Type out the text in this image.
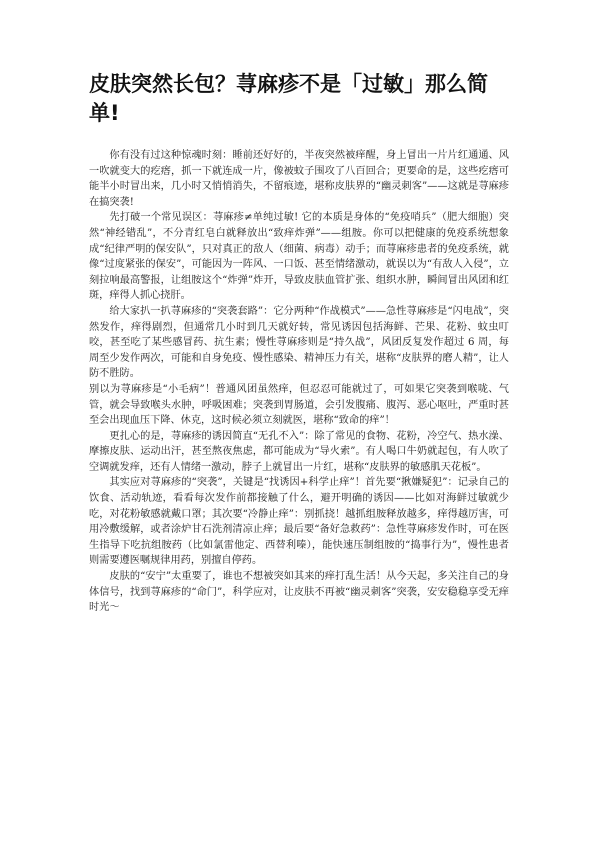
皮肤突然长包？荨麻疹不是「过敏」那么简单!

你有没有过这种惊魂时刻：睡前还好好的，半夜突然被痒醒，身上冒出一片片红通通、风一吹就变大的疙瘩，抓一下就连成一片，像被蚊子围攻了八百回合；更要命的是，这些疙瘩可能半小时冒出来，几小时又悄悄消失，不留痕迹，堪称皮肤界的“幽灵刺客”——这就是荨麻疹在搞突袭!

先打破一个常见误区：荨麻疹≠单纯过敏! 它的本质是身体的“免疫哨兵”（肥大细胞）突然“神经错乱”，不分青红皂白就释放出“致痒炸弹”——组胺。你可以把健康的免疫系统想象成“纪律严明的保安队”，只对真正的敌人（细菌、病毒）动手；而荨麻疹患者的免疫系统，就像“过度紧张的保安”，可能因为一阵风、一口饭、甚至情绪激动，就误以为“有敌人入侵”，立刻拉响最高警报，让组胺这个“炸弹”炸开，导致皮肤血管扩张、组织水肿，瞬间冒出风团和红斑，痒得人抓心挠肝。

给大家扒一扒荨麻疹的“突袭套路”：它分两种“作战模式”——急性荨麻疹是“闪电战”，突然发作，痒得剧烈，但通常几小时到几天就好转，常见诱因包括海鲜、芒果、花粉、蚊虫叮咬，甚至吃了某些感冒药、抗生素；慢性荨麻疹则是“持久战”，风团反复发作超过 6 周，每周至少发作两次，可能和自身免疫、慢性感染、精神压力有关，堪称“皮肤界的磨人精”，让人防不胜防。

别以为荨麻疹是“小毛病”！普通风团虽然痒，但忍忍可能就过了，可如果它突袭到喉咙、气管，就会导致喉头水肿，呼吸困难；突袭到胃肠道，会引发腹痛、腹泻、恶心呕吐，严重时甚至会出现血压下降、休克，这时候必须立刻就医，堪称“致命的痒”！

更扎心的是，荨麻疹的诱因简直“无孔不入”：除了常见的食物、花粉，冷空气、热水澡、摩擦皮肤、运动出汗，甚至熬夜焦虑，都可能成为“导火索”。有人喝口牛奶就起包，有人吹了空调就发痒，还有人情绪一激动，脖子上就冒出一片红，堪称“皮肤界的敏感肌天花板”。

其实应对荨麻疹的“突袭”，关键是“找诱因+科学止痒”！首先要“揪嫌疑犯”：记录自己的饮食、活动轨迹，看看每次发作前都接触了什么，避开明确的诱因——比如对海鲜过敏就少吃，对花粉敏感就戴口罩；其次要“冷静止痒”：别抓挠！越抓组胺释放越多，痒得越厉害，可用冷敷缓解，或者涂炉甘石洗剂清凉止痒；最后要“备好急救药”：急性荨麻疹发作时，可在医生指导下吃抗组胺药（比如氯雷他定、西替利嗪），能快速压制组胺的“捣事行为”，慢性患者则需要遵医嘱规律用药，别擅自停药。

皮肤的“安宁”太重要了，谁也不想被突如其来的痒打乱生活！从今天起，多关注自己的身体信号，找到荨麻疹的“命门”，科学应对，让皮肤不再被“幽灵刺客”突袭，安安稳稳享受无痒时光～
